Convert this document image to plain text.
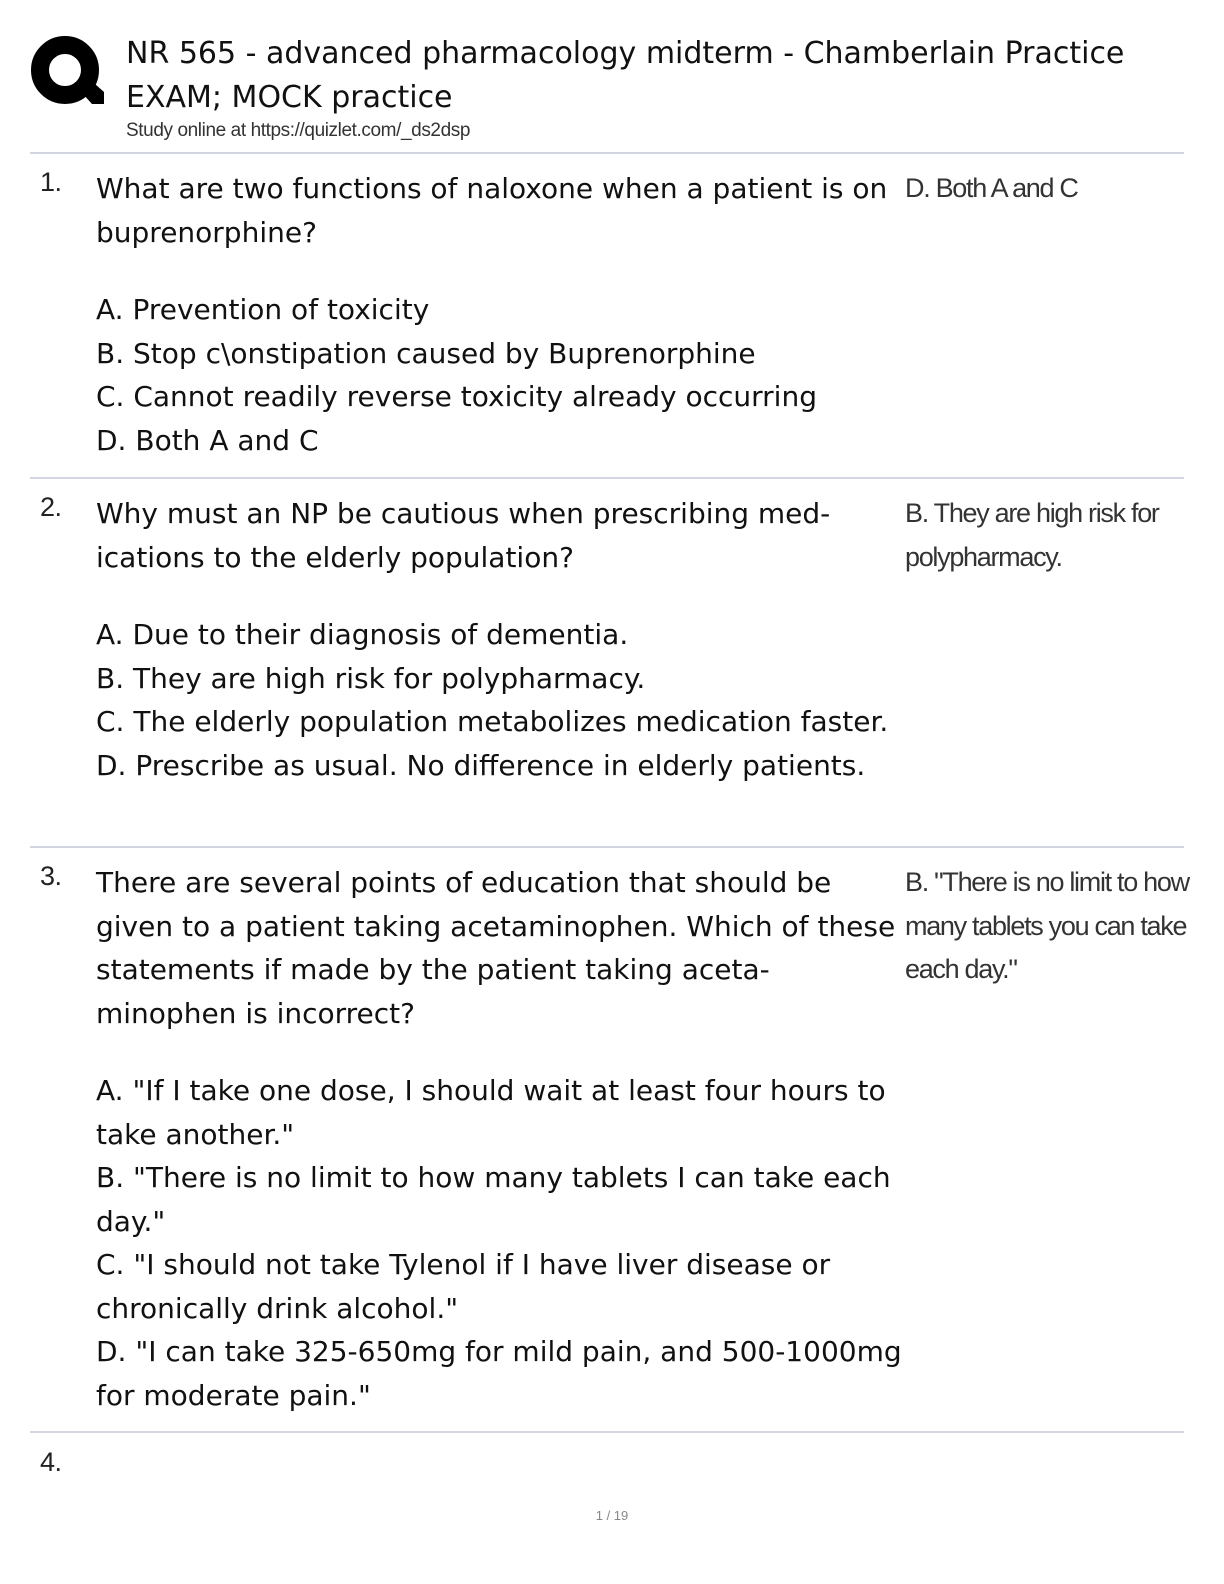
NR 565 - advanced pharmacology midterm - Chamberlain Practice EXAM; MOCK practice
Study online at https://quizlet.com/_ds2dsp
1. What are two functions of naloxone when a patient is on buprenorphine?
A. Prevention of toxicity
B. Stop c\onstipation caused by Buprenorphine
C. Cannot readily reverse toxicity already occurring
D. Both A and C
D. Both A and C
2. Why must an NP be cautious when prescribing med-ications to the elderly population?
A. Due to their diagnosis of dementia.
B. They are high risk for polypharmacy.
C. The elderly population metabolizes medication faster.
D. Prescribe as usual. No difference in elderly patients.
B. They are high risk for polypharmacy.
3. There are several points of education that should be given to a patient taking acetaminophen. Which of these statements if made by the patient taking aceta-minophen is incorrect?
A. "If I take one dose, I should wait at least four hours to take another."
B. "There is no limit to how many tablets I can take each day."
C. "I should not take Tylenol if I have liver disease or chronically drink alcohol."
D. "I can take 325-650mg for mild pain, and 500-1000mg for moderate pain."
B. "There is no limit to how many tablets you can take each day."
4.
1 / 19
